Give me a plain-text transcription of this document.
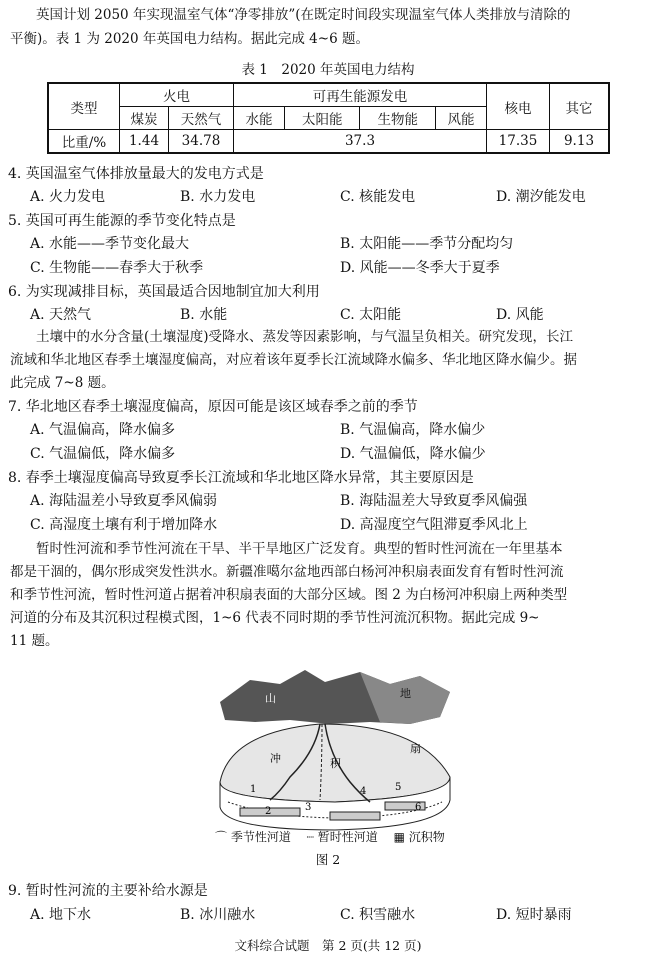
英国计划 2050 年实现温室气体“净零排放”(在既定时间段实现温室气体人类排放与清除的
平衡)。表 1 为 2020 年英国电力结构。据此完成 4~6 题。
表 1　2020 年英国电力结构
类型	火电		可再生能源发电				核电	其它
	煤炭	天然气	水能	太阳能	生物能	风能		
比重/%	1.44	34.78	37.3				17.35	9.13
4. 英国温室气体排放量最大的发电方式是
A. 火力发电	B. 水力发电	C. 核能发电	D. 潮汐能发电
5. 英国可再生能源的季节变化特点是
A. 水能——季节变化最大	B. 太阳能——季节分配均匀
C. 生物能——春季大于秋季	D. 风能——冬季大于夏季
6. 为实现减排目标，英国最适合因地制宜加大利用
A. 天然气	B. 水能	C. 太阳能	D. 风能
土壤中的水分含量(土壤湿度)受降水、蒸发等因素影响，与气温呈负相关。研究发现，长江
流域和华北地区春季土壤湿度偏高，对应着该年夏季长江流域降水偏多、华北地区降水偏少。据
此完成 7~8 题。
7. 华北地区春季土壤湿度偏高，原因可能是该区域春季之前的季节
A. 气温偏高，降水偏多	B. 气温偏高，降水偏少
C. 气温偏低，降水偏多	D. 气温偏低，降水偏少
8. 春季土壤湿度偏高导致夏季长江流域和华北地区降水异常，其主要原因是
A. 海陆温差小导致夏季风偏弱	B. 海陆温差大导致夏季风偏强
C. 高湿度土壤有利于增加降水	D. 高湿度空气阻滞夏季风北上
暂时性河流和季节性河流在干旱、半干旱地区广泛发育。典型的暂时性河流在一年里基本
都是干涸的，偶尔形成突发性洪水。新疆准噶尔盆地西部白杨河冲积扇表面发育有暂时性河流
和季节性河流，暂时性河道占据着冲积扇表面的大部分区域。图 2 为白杨河冲积扇上两种类型
河道的分布及其沉积过程模式图，1~6 代表不同时期的季节性河流沉积物。据此完成 9~
11 题。
山	地
冲	积
扇
1
2	3
4	5
6
⌒ 季节性河道 　┈ 暂时性河道 　▦ 沉积物
图 2
9. 暂时性河流的主要补给水源是
A. 地下水	B. 冰川融水	C. 积雪融水	D. 短时暴雨
文科综合试题　第 2 页(共 12 页)
